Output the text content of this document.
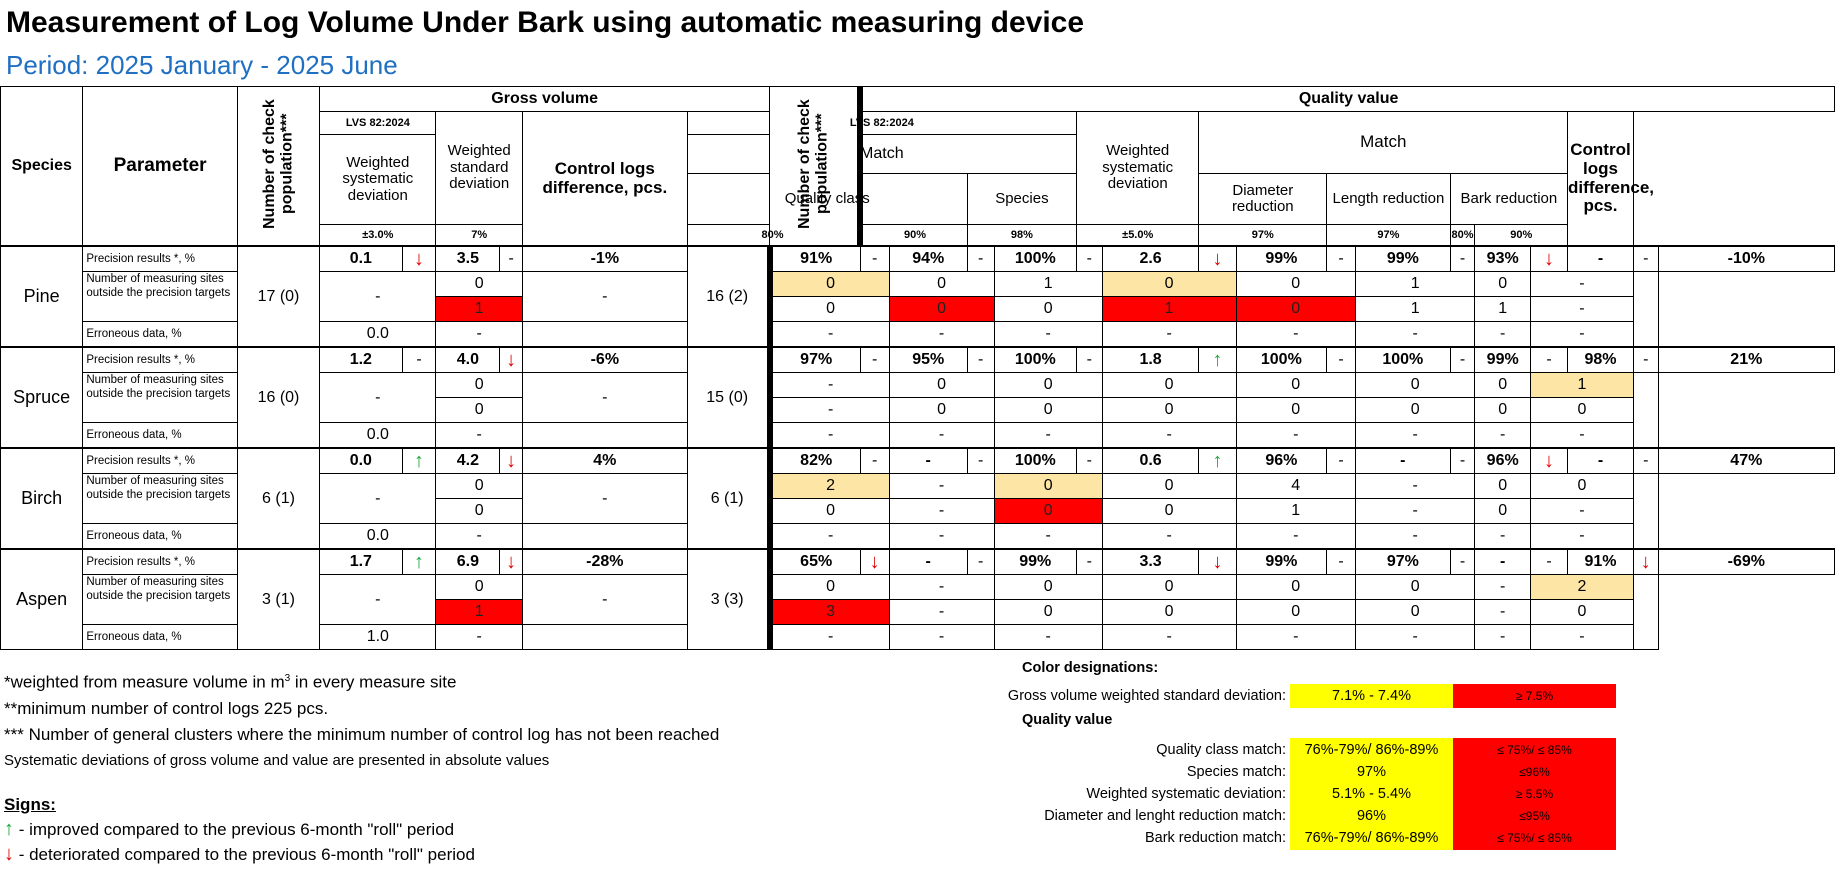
Measurement of Log Volume Under Bark using automatic measuring device
Period: 2025 January - 2025 June
Species	Parameter	Number of check population***	Gross volume						Number of check population***	Quality value															
			LVS 82:2024		Weighted standard deviation		Control logs difference, pcs.	LVS 82:2024						Weighted systematic deviation		Match							Control logs difference, pcs.		
			Weighted systematic deviation					Match																	
								Quality class				Species				Diameter reduction		Length reduction		Bark reduction					
			±3.0%		7%			80%		90%		98%		±5.0%		97%		97%		80%	90%				
Pine	Precision results *, %	17 (0)	0.1	↓	3.5	-	-1%	16 (2)	91%	-	94%	-	100%	-	2.6	↓	99%	-	99%	-	93%	↓	-	-	-10%
	Number of measuring sites outside the precision targets		-		0		-		0		0		1		0		0		1		0	-			
					1				0		0		0		1		0		1		1	-			
	Erroneous data, %		0.0		-				-		-		-		-		-		-		-	-			
Spruce	Precision results *, %	16 (0)	1.2	-	4.0	↓	-6%	15 (0)	97%	-	95%	-	100%	-	1.8	↑	100%	-	100%	-	99%	-	98%	-	21%
	Number of measuring sites outside the precision targets		-		0		-		-		0		0		0		0		0		0	1			
					0				-		0		0		0		0		0		0	0			
	Erroneous data, %		0.0		-				-		-		-		-		-		-		-	-			
Birch	Precision results *, %	6 (1)	0.0	↑	4.2	↓	4%	6 (1)	82%	-	-	-	100%	-	0.6	↑	96%	-	-	-	96%	↓	-	-	47%
	Number of measuring sites outside the precision targets		-		0		-		2		-		0		0		4		-		0	0			
					0				0		-		0		0		1		-		0	-			
	Erroneous data, %		0.0		-				-		-		-		-		-		-		-	-			
Aspen	Precision results *, %	3 (1)	1.7	↑	6.9	↓	-28%	3 (3)	65%	↓	-	-	99%	-	3.3	↓	99%	-	97%	-	-	-	91%	↓	-69%
	Number of measuring sites outside the precision targets		-		0		-		0		-		0		0		0		0		-	2			
					1				3		-		0		0		0		0		-	0			
	Erroneous data, %		1.0		-				-		-		-		-		-		-		-	-			
*weighted from measure volume in $m^3$ in every measure site
**minimum number of control logs 225 pcs.
*** Number of general clusters where the minimum number of control log has not been reached
Systematic deviations of gross volume and value are presented in absolute values
Signs:
↑ - improved compared to the previous 6-month "roll" period
↓ - deteriorated compared to the previous 6-month "roll" period
Color designations:
Gross volume weighted standard deviation:	7.1% - 7.4%	≥ 7.5%
Quality value
Quality class match:	76%-79%/ 86%-89%	≤ 75%/ ≤ 85%
Species match:	97%	≤96%
Weighted systematic deviation:	5.1% - 5.4%	≥ 5.5%
Diameter and lenght reduction match:	96%	≤95%
Bark reduction match:	76%-79%/ 86%-89%	≤ 75%/ ≤ 85%
